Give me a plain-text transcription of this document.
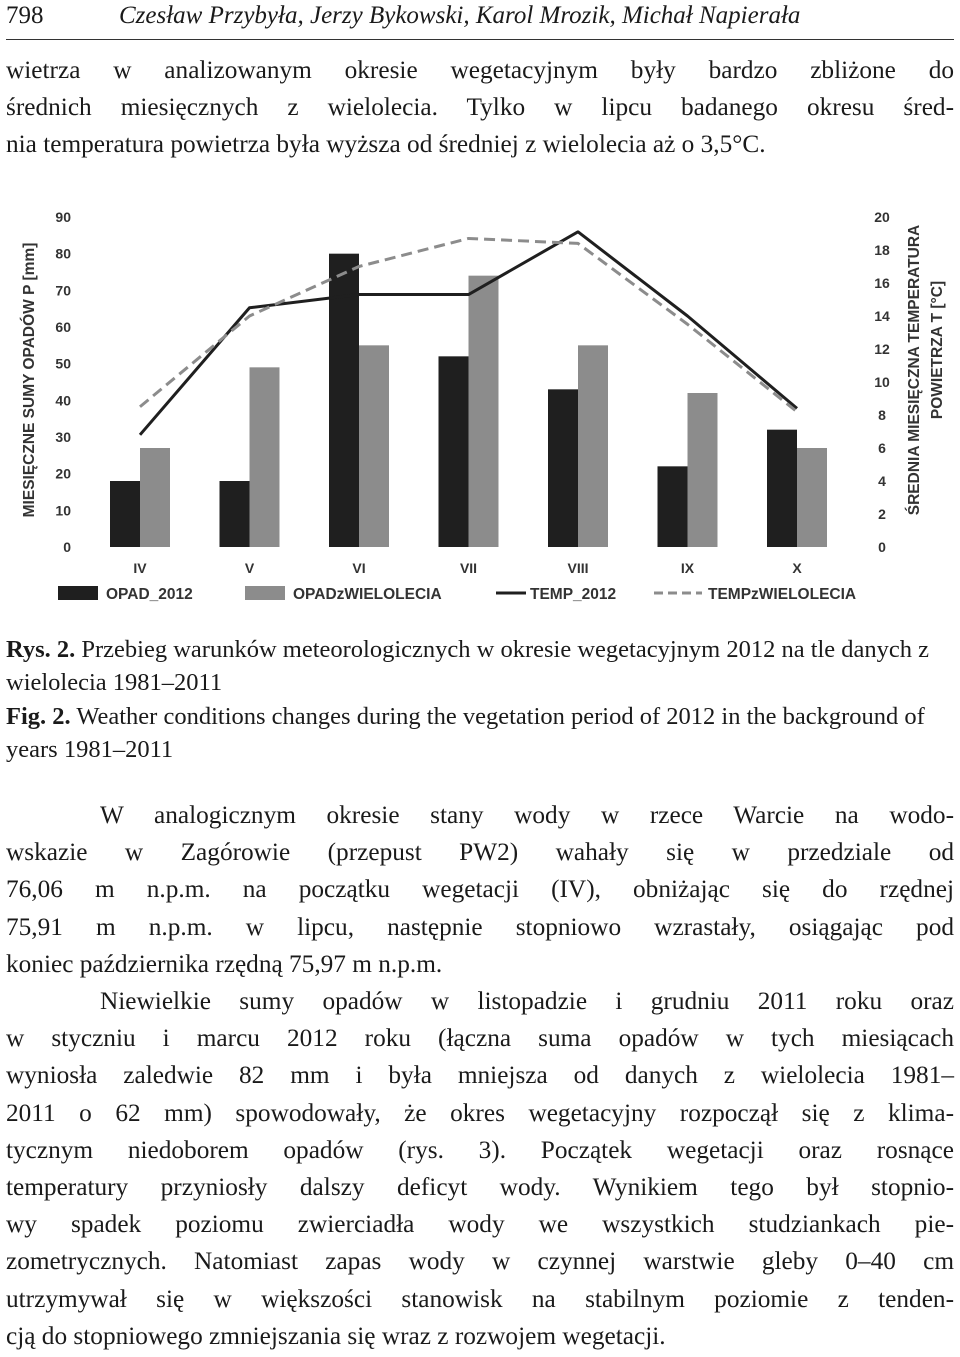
798	Czesław Przybyła, Jerzy Bykowski, Karol Mrozik, Michał Napierała
wietrza w analizowanym okresie wegetacyjnym były bardzo zbliżone do
średnich miesięcznych z wielolecia. Tylko w lipcu badanego okresu śred-
nia temperatura powietrza była wyższa od średniej z wielolecia aż o 3,5°C.
0
10
20
30
40
50
60
70
80
90
0
2
4
6
8
10
12
14
16
18
20
IV	V	VI	VII	VIII	IX	X
MIESIĘCZNE SUMY OPADÓW P [mm]	ŚREDNIA MIESIĘCZNA TEMPERATURA POWIETRZA T [°C]
OPAD_2012	OPADzWIELOLECIA	TEMP_2012	TEMPzWIELOLECIA

Rys. 2. Przebieg warunków meteorologicznych w okresie wegetacyjnym 2012 na tle danych z wielolecia 1981–2011

Fig. 2. Weather conditions changes during the vegetation period of 2012 in the background of years 1981–2011

W analogicznym okresie stany wody w rzece Warcie na wodo-
wskazie w Zagórowie (przepust PW2) wahały się w przedziale od
76,06 m n.p.m. na początku wegetacji (IV), obniżając się do rzędnej
75,91 m n.p.m. w lipcu, następnie stopniowo wzrastały, osiągając pod
koniec października rzędną 75,97 m n.p.m.
Niewielkie sumy opadów w listopadzie i grudniu 2011 roku oraz
w styczniu i marcu 2012 roku (łączna suma opadów w tych miesiącach
wyniosła zaledwie 82 mm i była mniejsza od danych z wielolecia 1981–
2011 o 62 mm) spowodowały, że okres wegetacyjny rozpoczął się z klima-
tycznym niedoborem opadów (rys. 3). Początek wegetacji oraz rosnące
temperatury przyniosły dalszy deficyt wody. Wynikiem tego był stopnio-
wy spadek poziomu zwierciadła wody we wszystkich studziankach pie-
zometrycznych. Natomiast zapas wody w czynnej warstwie gleby 0–40 cm
utrzymywał się w większości stanowisk na stabilnym poziomie z tenden-
cją do stopniowego zmniejszania się wraz z rozwojem wegetacji.
